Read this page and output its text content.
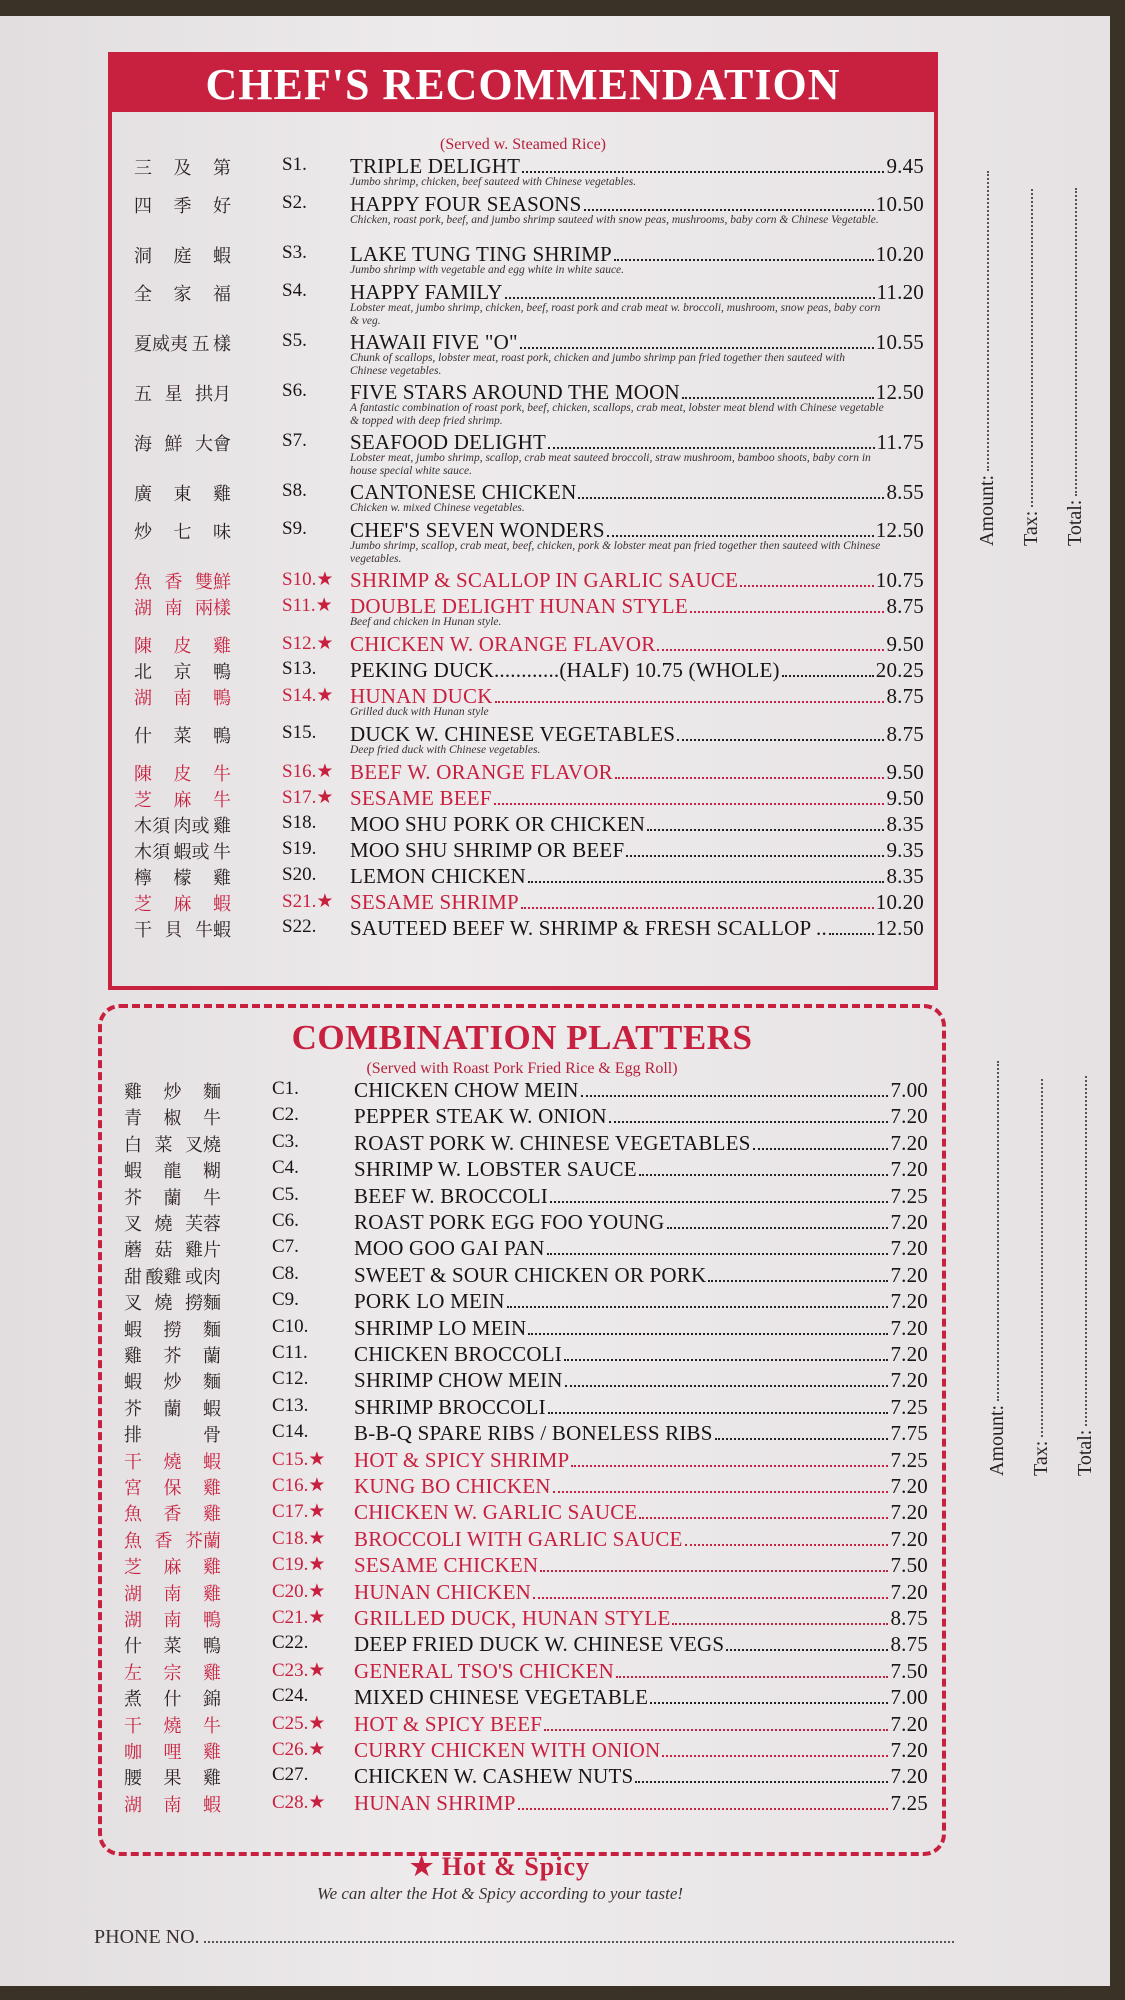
CHEF'S RECOMMENDATION
(Served w. Steamed Rice)
三 及 第	S1. TRIPLE DELIGHT	9.45
Jumbo shrimp, chicken, beef sauteed with Chinese vegetables.
四 季 好	S2. HAPPY FOUR SEASONS	10.50
Chicken, roast pork, beef, and jumbo shrimp sauteed with snow peas, mushrooms, baby corn & Chinese Vegetable.
洞 庭 蝦	S3. LAKE TUNG TING SHRIMP	10.20
Jumbo shrimp with vegetable and egg white in white sauce.
全 家 福	S4. HAPPY FAMILY	11.20
Lobster meat, jumbo shrimp, chicken, beef, roast pork and crab meat w. broccoli, mushroom, snow peas, baby corn & veg.
夏威夷 五 樣	S5. HAWAII FIVE "O"	10.55
Chunk of scallops, lobster meat, roast pork, chicken and jumbo shrimp pan fried together then sauteed with Chinese vegetables.
五 星 拱月	S6. FIVE STARS AROUND THE MOON	12.50
A fantastic combination of roast pork, beef, chicken, scallops, crab meat, lobster meat blend with Chinese vegetable & topped with deep fried shrimp.
海 鮮 大會	S7. SEAFOOD DELIGHT	11.75
Lobster meat, jumbo shrimp, scallop, crab meat sauteed broccoli, straw mushroom, bamboo shoots, baby corn in house special white sauce.
廣 東 雞	S8. CANTONESE CHICKEN	8.55
Chicken w. mixed Chinese vegetables.
炒 七 味	S9. CHEF'S SEVEN WONDERS	12.50
Jumbo shrimp, scallop, crab meat, beef, chicken, pork & lobster meat pan fried together then sauteed with Chinese vegetables.
魚 香 雙鮮	S10.★ SHRIMP & SCALLOP IN GARLIC SAUCE	10.75
湖 南 兩樣	S11.★ DOUBLE DELIGHT HUNAN STYLE	8.75
Beef and chicken in Hunan style.
陳 皮 雞	S12.★ CHICKEN W. ORANGE FLAVOR	9.50
北 京 鴨	S13. PEKING DUCK............(HALF) 10.75 (WHOLE)	20.25
湖 南 鴨	S14.★ HUNAN DUCK	8.75
Grilled duck with Hunan style
什 菜 鴨	S15. DUCK W. CHINESE VEGETABLES	8.75
Deep fried duck with Chinese vegetables.
陳 皮 牛	S16.★ BEEF W. ORANGE FLAVOR	9.50
芝 麻 牛	S17.★ SESAME BEEF	9.50
木須 肉或 雞	S18. MOO SHU PORK OR CHICKEN	8.35
木須 蝦或 牛	S19. MOO SHU SHRIMP OR BEEF	9.35
檸 檬 雞	S20. LEMON CHICKEN	8.35
芝 麻 蝦	S21.★ SESAME SHRIMP	10.20
干 貝 牛蝦	S22. SAUTEED BEEF W. SHRIMP & FRESH SCALLOP .. 12.50
COMBINATION PLATTERS
(Served with Roast Pork Fried Rice & Egg Roll)
雞 炒 麵	C1.	CHICKEN CHOW MEIN	7.00
青 椒 牛	C2.	PEPPER STEAK W. ONION	7.20
白 菜 叉燒	C3.	ROAST PORK W. CHINESE VEGETABLES	7.20
蝦 龍 糊	C4.	SHRIMP W. LOBSTER SAUCE	7.20
芥 蘭 牛	C5.	BEEF W. BROCCOLI	7.25
叉 燒 芙蓉	C6.	ROAST PORK EGG FOO YOUNG	7.20
蘑 菇 雞片	C7.	MOO GOO GAI PAN	7.20
甜 酸雞 或肉	C8.	SWEET & SOUR CHICKEN OR PORK	7.20
叉 燒 撈麵	C9.	PORK LO MEIN	7.20
蝦 撈 麵	C10. SHRIMP LO MEIN	7.20
雞 芥 蘭	C11. CHICKEN BROCCOLI	7.20
蝦 炒 麵	C12. SHRIMP CHOW MEIN	7.20
芥 蘭 蝦	C13. SHRIMP BROCCOLI	7.25
排	骨	C14. B-B-Q SPARE RIBS / BONELESS RIBS	7.75
干 燒 蝦	C15.★ HOT & SPICY SHRIMP	7.25
宮 保 雞	C16.★ KUNG BO CHICKEN	7.20
魚 香 雞	C17.★ CHICKEN W. GARLIC SAUCE	7.20
魚 香 芥蘭	C18.★ BROCCOLI WITH GARLIC SAUCE	7.20
芝 麻 雞	C19.★ SESAME CHICKEN	7.50
湖 南 雞	C20.★ HUNAN CHICKEN	7.20
湖 南 鴨	C21.★ GRILLED DUCK, HUNAN STYLE	8.75
什 菜 鴨	C22. DEEP FRIED DUCK W. CHINESE VEGS	8.75
左 宗 雞	C23.★ GENERAL TSO'S CHICKEN	7.50
煮 什 錦	C24. MIXED CHINESE VEGETABLE	7.00
干 燒 牛	C25.★ HOT & SPICY BEEF	7.20
咖 哩 雞	C26.★ CURRY CHICKEN WITH ONION	7.20
腰 果 雞	C27. CHICKEN W. CASHEW NUTS	7.20
湖 南 蝦	C28.★ HUNAN SHRIMP	7.25
★ Hot & Spicy
We can alter the Hot & Spicy according to your taste!
PHONE NO.
Amount: Tax: Total:
Amount: Tax: Total:
